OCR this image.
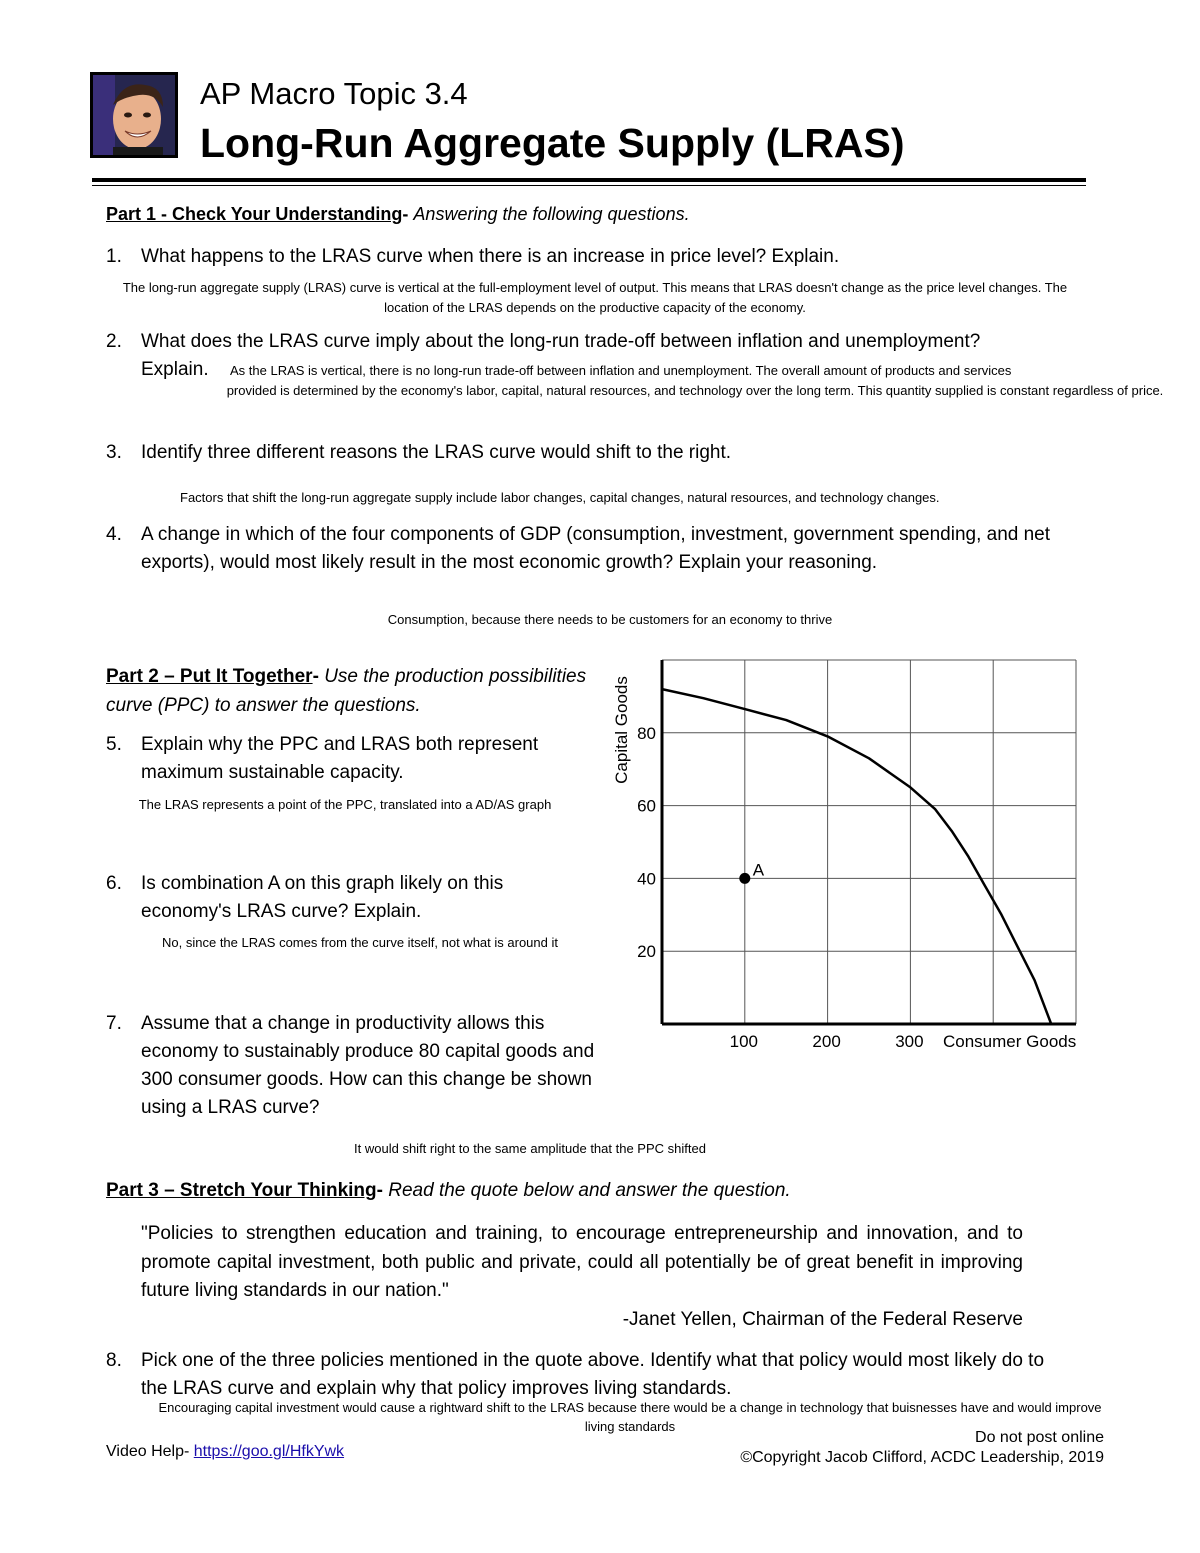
AP Macro Topic 3.4
Long-Run Aggregate Supply (LRAS)
Part 1 - Check Your Understanding- Answering the following questions.
1.	What happens to the LRAS curve when there is an increase in price level? Explain.
The long-run aggregate supply (LRAS) curve is vertical at the full-employment level of output. This means that LRAS doesn't change as the price level changes. The location of the LRAS depends on the productive capacity of the economy.
2.	What does the LRAS curve imply about the long-run trade-off between inflation and unemployment?
Explain. As the LRAS is vertical, there is no long-run trade-off between inflation and unemployment. The overall amount of products and services
provided is determined by the economy's labor, capital, natural resources, and technology over the long term. This quantity supplied is constant regardless of price.
3.	Identify three different reasons the LRAS curve would shift to the right.
Factors that shift the long-run aggregate supply include labor changes, capital changes, natural resources, and technology changes.
4.	A change in which of the four components of GDP (consumption, investment, government spending, and net exports), would most likely result in the most economic growth? Explain your reasoning.
Consumption, because there needs to be customers for an economy to thrive
Part 2 – Put It Together- Use the production possibilities curve (PPC) to answer the questions.
5.	Explain why the PPC and LRAS both represent maximum sustainable capacity.
The LRAS represents a point of the PPC, translated into a AD/AS graph
6.	Is combination A on this graph likely on this economy's LRAS curve? Explain.
No, since the LRAS comes from the curve itself, not what is around it
7.	Assume that a change in productivity allows this economy to sustainably produce 80 capital goods and 300 consumer goods. How can this change be shown using a LRAS curve?
It would shift right to the same amplitude that the PPC shifted
A
100	200	300
20
40
60
80
Consumer Goods
Capital Goods
Part 3 – Stretch Your Thinking- Read the quote below and answer the question.
"Policies to strengthen education and training, to encourage entrepreneurship and innovation, and to promote capital investment, both public and private, could all potentially be of great benefit in improving future living standards in our nation."
-Janet Yellen, Chairman of the Federal Reserve
8.	Pick one of the three policies mentioned in the quote above. Identify what that policy would most likely do to the LRAS curve and explain why that policy improves living standards.
Encouraging capital investment would cause a rightward shift to the LRAS because there would be a change in technology that buisnesses have and would improve living standards
Video Help- https://goo.gl/HfkYwk
Do not post online
©Copyright Jacob Clifford, ACDC Leadership, 2019
